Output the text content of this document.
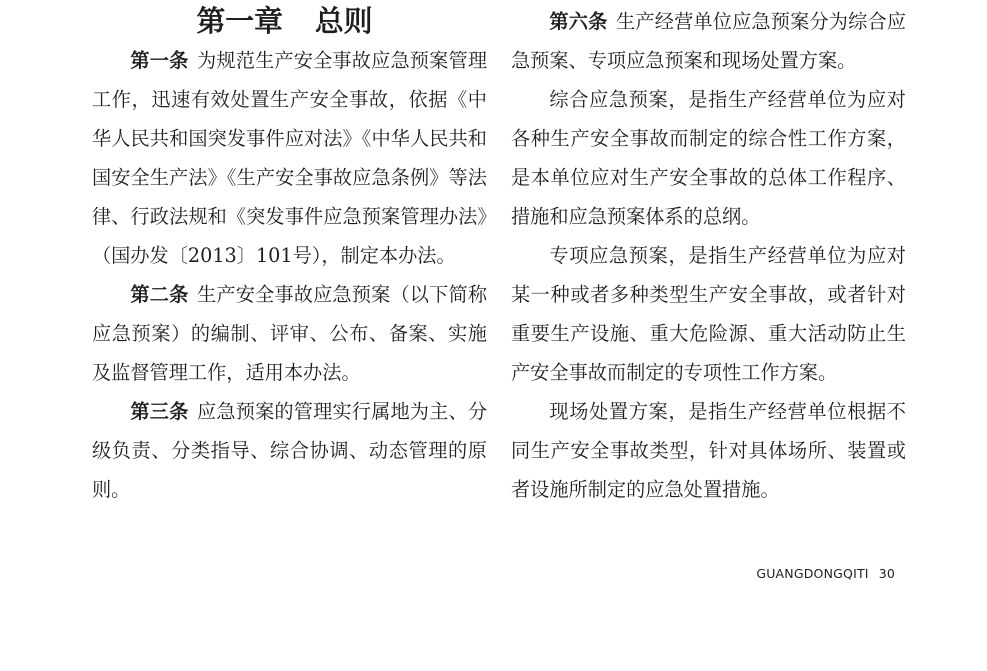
第一章 总则

第一条 为规范生产安全事故应急预案管理工作，迅速有效处置生产安全事故，依据《中华人民共和国突发事件应对法》《中华人民共和国安全生产法》《生产安全事故应急条例》等法律、行政法规和《突发事件应急预案管理办法》（国办发〔2013〕101号），制定本办法。

第二条 生产安全事故应急预案（以下简称应急预案）的编制、评审、公布、备案、实施及监督管理工作，适用本办法。

第三条 应急预案的管理实行属地为主、分级负责、分类指导、综合协调、动态管理的原则。

第六条 生产经营单位应急预案分为综合应急预案、专项应急预案和现场处置方案。

综合应急预案，是指生产经营单位为应对各种生产安全事故而制定的综合性工作方案，是本单位应对生产安全事故的总体工作程序、措施和应急预案体系的总纲。

专项应急预案，是指生产经营单位为应对某一种或者多种类型生产安全事故，或者针对重要生产设施、重大危险源、重大活动防止生产安全事故而制定的专项性工作方案。

现场处置方案，是指生产经营单位根据不同生产安全事故类型，针对具体场所、装置或者设施所制定的应急处置措施。

GUANGDONGQITI 30
